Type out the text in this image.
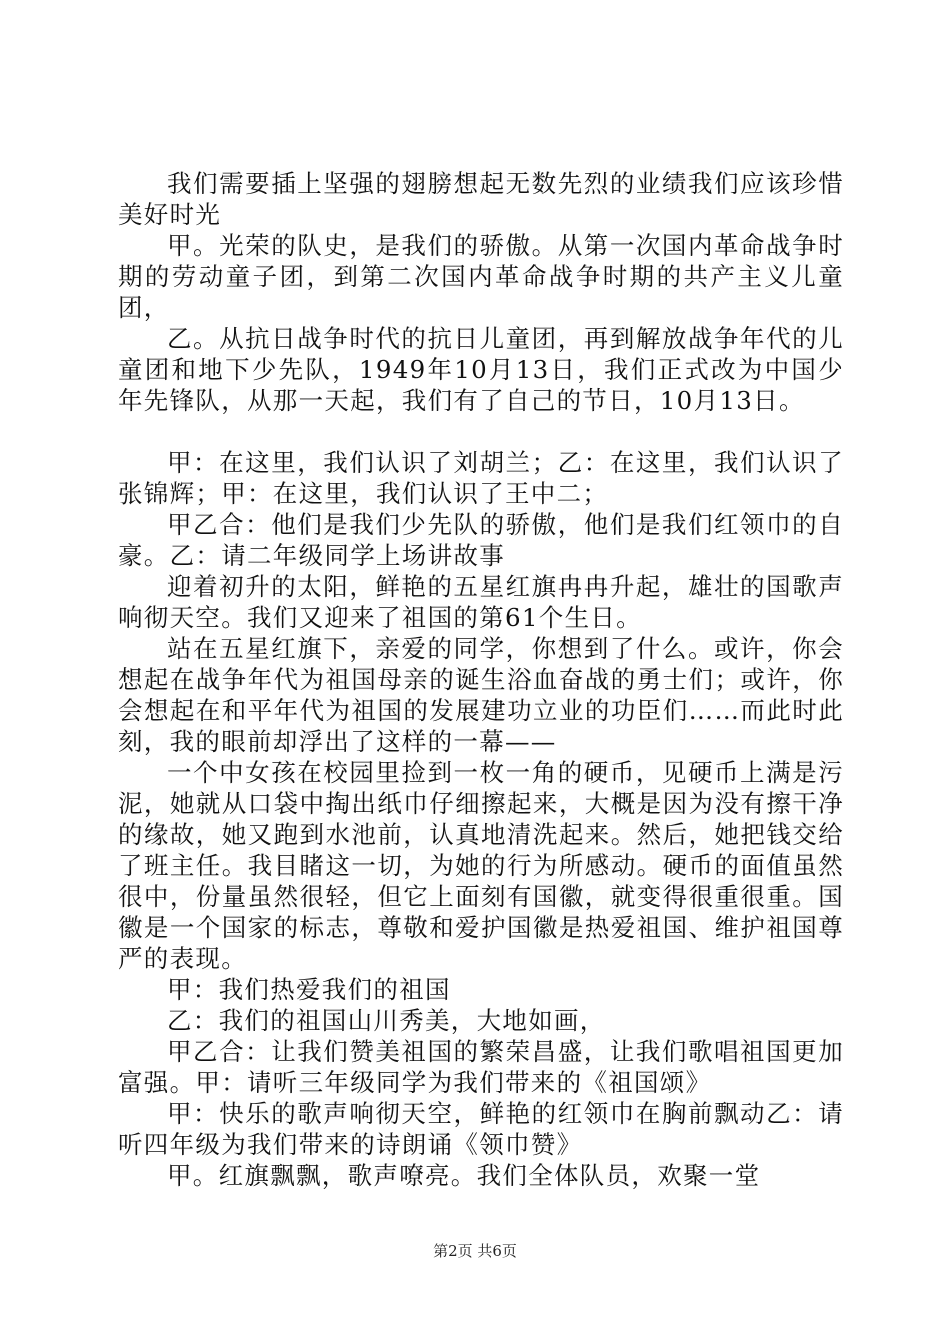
我们需要插上坚强的翅膀想起无数先烈的业绩我们应该珍惜美好时光

甲。光荣的队史，是我们的骄傲。从第一次国内革命战争时期的劳动童子团，到第二次国内革命战争时期的共产主义儿童团，

乙。从抗日战争时代的抗日儿童团，再到解放战争年代的儿童团和地下少先队，1949年10月13日，我们正式改为中国少年先锋队，从那一天起，我们有了自己的节日，10月13日。

甲：在这里，我们认识了刘胡兰；乙：在这里，我们认识了张锦辉；甲：在这里，我们认识了王中二；

甲乙合：他们是我们少先队的骄傲，他们是我们红领巾的自豪。乙：请二年级同学上场讲故事

迎着初升的太阳，鲜艳的五星红旗冉冉升起，雄壮的国歌声响彻天空。我们又迎来了祖国的第61个生日。

站在五星红旗下，亲爱的同学，你想到了什么。或许，你会想起在战争年代为祖国母亲的诞生浴血奋战的勇士们；或许，你会想起在和平年代为祖国的发展建功立业的功臣们……而此时此刻，我的眼前却浮出了这样的一幕——

一个中女孩在校园里捡到一枚一角的硬币，见硬币上满是污泥，她就从口袋中掏出纸巾仔细擦起来，大概是因为没有擦干净的缘故，她又跑到水池前，认真地清洗起来。然后，她把钱交给了班主任。我目睹这一切，为她的行为所感动。硬币的面值虽然很中，份量虽然很轻，但它上面刻有国徽，就变得很重很重。国徽是一个国家的标志，尊敬和爱护国徽是热爱祖国、维护祖国尊严的表现。

甲：我们热爱我们的祖国

乙：我们的祖国山川秀美，大地如画，

甲乙合：让我们赞美祖国的繁荣昌盛，让我们歌唱祖国更加富强。甲：请听三年级同学为我们带来的《祖国颂》

甲：快乐的歌声响彻天空，鲜艳的红领巾在胸前飘动乙：请听四年级为我们带来的诗朗诵《领巾赞》

甲。红旗飘飘，歌声嘹亮。我们全体队员，欢聚一堂

第2页 共6页
